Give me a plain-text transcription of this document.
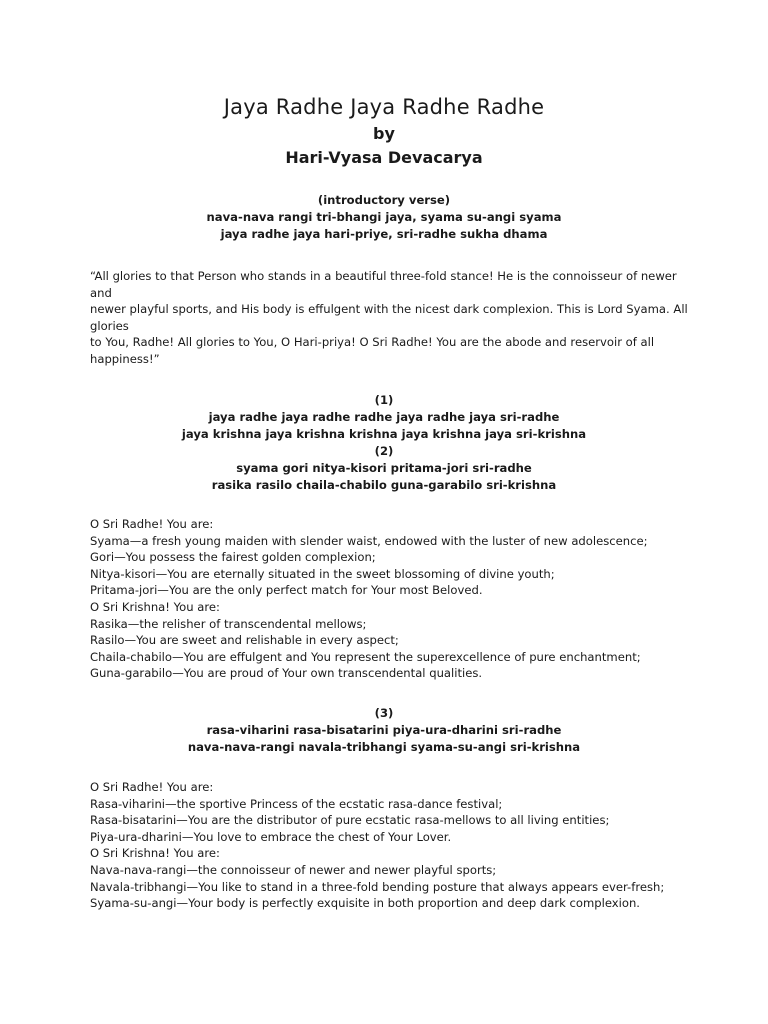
Jaya Radhe Jaya Radhe Radhe
by
Hari-Vyasa Devacarya
(introductory verse)
nava-nava rangi tri-bhangi jaya, syama su-angi syama
jaya radhe jaya hari-priye, sri-radhe sukha dhama
“All glories to that Person who stands in a beautiful three-fold stance! He is the connoisseur of newer
and
newer playful sports, and His body is effulgent with the nicest dark complexion. This is Lord Syama. All
glories
to You, Radhe! All glories to You, O Hari-priya! O Sri Radhe! You are the abode and reservoir of all
happiness!”
(1)
jaya radhe jaya radhe radhe jaya radhe jaya sri-radhe
jaya krishna jaya krishna krishna jaya krishna jaya sri-krishna
(2)
syama gori nitya-kisori pritama-jori sri-radhe
rasika rasilo chaila-chabilo guna-garabilo sri-krishna
O Sri Radhe! You are:
Syama—a fresh young maiden with slender waist, endowed with the luster of new adolescence;
Gori—You possess the fairest golden complexion;
Nitya-kisori—You are eternally situated in the sweet blossoming of divine youth;
Pritama-jori—You are the only perfect match for Your most Beloved.
O Sri Krishna! You are:
Rasika—the relisher of transcendental mellows;
Rasilo—You are sweet and relishable in every aspect;
Chaila-chabilo—You are effulgent and You represent the superexcellence of pure enchantment;
Guna-garabilo—You are proud of Your own transcendental qualities.
(3)
rasa-viharini rasa-bisatarini piya-ura-dharini sri-radhe
nava-nava-rangi navala-tribhangi syama-su-angi sri-krishna
O Sri Radhe! You are:
Rasa-viharini—the sportive Princess of the ecstatic rasa-dance festival;
Rasa-bisatarini—You are the distributor of pure ecstatic rasa-mellows to all living entities;
Piya-ura-dharini—You love to embrace the chest of Your Lover.
O Sri Krishna! You are:
Nava-nava-rangi—the connoisseur of newer and newer playful sports;
Navala-tribhangi—You like to stand in a three-fold bending posture that always appears ever-fresh;
Syama-su-angi—Your body is perfectly exquisite in both proportion and deep dark complexion.
